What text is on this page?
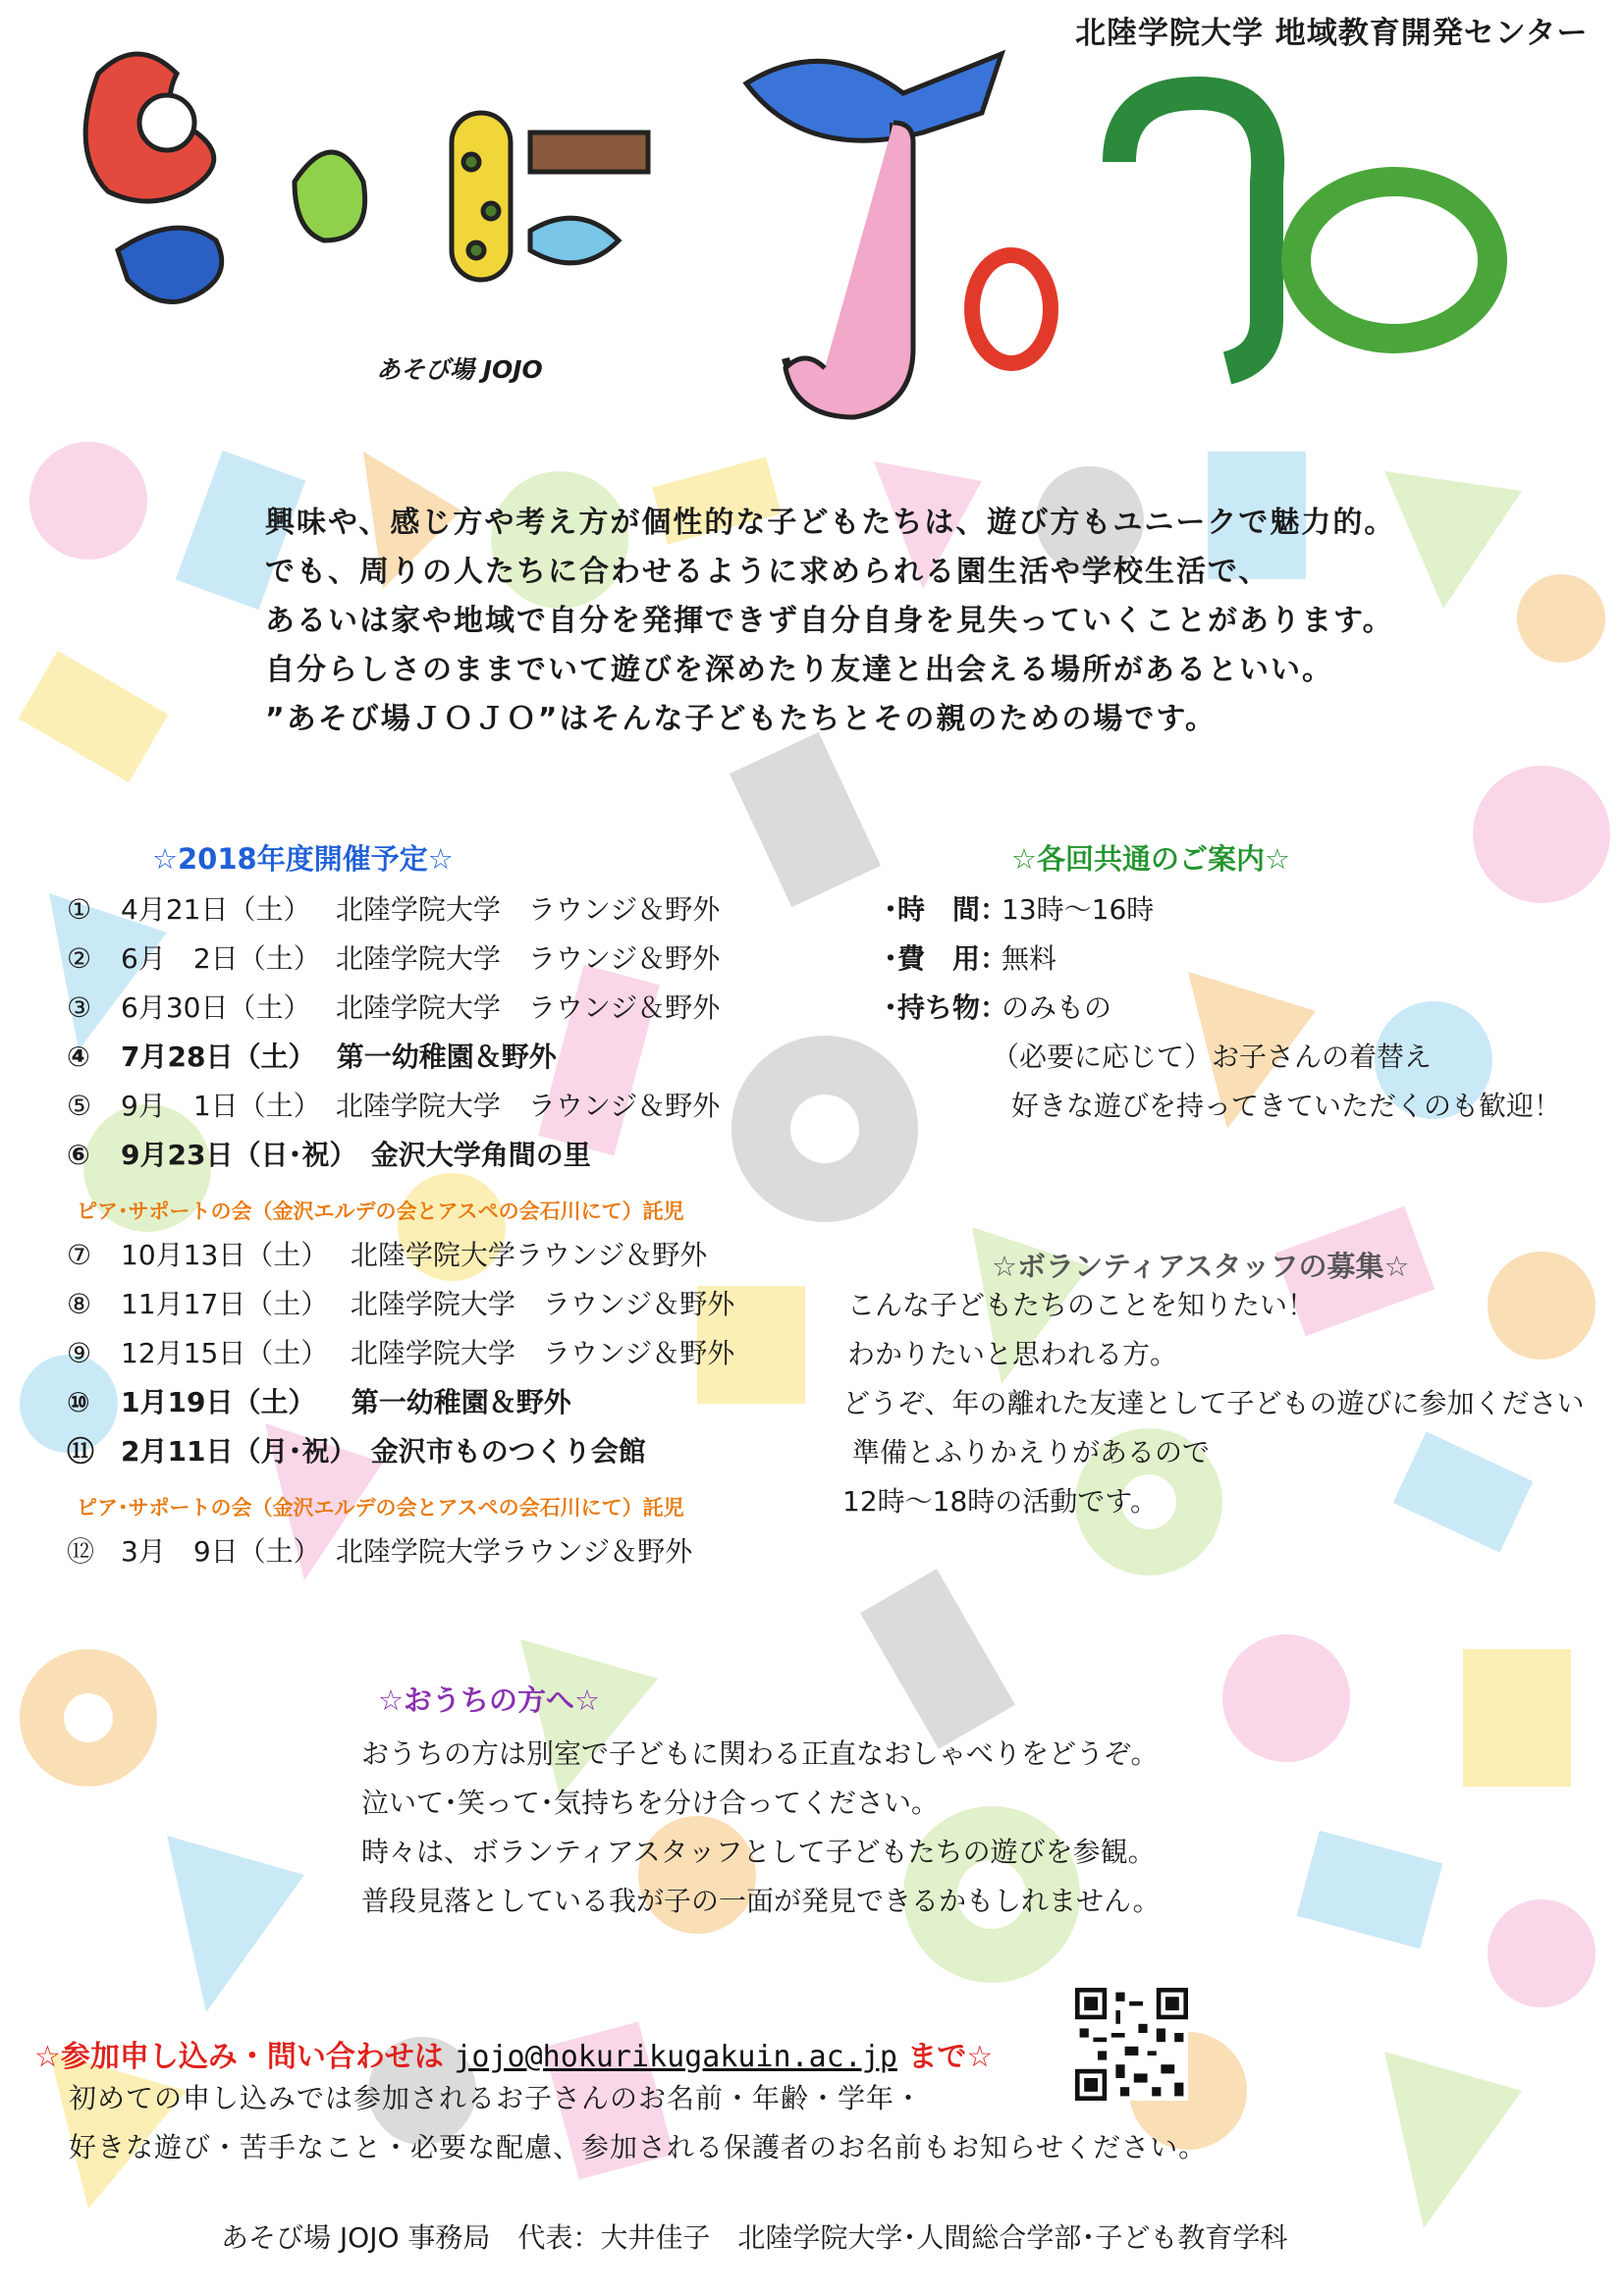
北陸学院大学 地域教育開発センター
あそび場 JOJO

興味や、感じ方や考え方が個性的な子どもたちは、遊び方もユニークで魅力的。

でも、周りの人たちに合わせるように求められる園生活や学校生活で、

あるいは家や地域で自分を発揮できず自分自身を見失っていくことがあります。

自分らしさのままでいて遊びを深めたり友達と出会える場所があるといい。

”あそび場ＪＯＪＯ”はそんな子どもたちとその親のための場です。

☆2018年度開催予定☆
① 4月21日（土） 北陸学院大学　ラウンジ＆野外
② 6月　2日（土） 北陸学院大学　ラウンジ＆野外
③ 6月30日（土） 北陸学院大学　ラウンジ＆野外
④ 7月28日（土） 第一幼稚園＆野外
⑤ 9月　1日（土） 北陸学院大学　ラウンジ＆野外
⑥ 9月23日（日･祝） 金沢大学角間の里
ピア･サポートの会（金沢エルデの会とアスペの会石川にて）託児
⑦ 10月13日（土） 北陸学院大学ラウンジ＆野外
⑧ 11月17日（土） 北陸学院大学　ラウンジ＆野外
⑨ 12月15日（土） 北陸学院大学　ラウンジ＆野外
⑩ 1月19日（土） 第一幼稚園＆野外
⑪ 2月11日（月･祝） 金沢市ものつくり会館
ピア･サポートの会（金沢エルデの会とアスペの会石川にて）託児
⑫ 3月　9日（土） 北陸学院大学ラウンジ＆野外
☆各回共通のご案内☆
･時　間：13時～16時
･費　用：無料
･持ち物：のみもの
（必要に応じて）お子さんの着替え
好きな遊びを持ってきていただくのも歓迎！
☆ボランティアスタッフの募集☆

こんな子どもたちのことを知りたい！

わかりたいと思われる方。

どうぞ、年の離れた友達として子どもの遊びに参加ください

準備とふりかえりがあるので

12時～18時の活動です。

☆おうちの方へ☆

おうちの方は別室で子どもに関わる正直なおしゃべりをどうぞ。

泣いて･笑って･気持ちを分け合ってください。

時々は、ボランティアスタッフとして子どもたちの遊びを参観。

普段見落としている我が子の一面が発見できるかもしれません。

☆参加申し込み・問い合わせは jojo@hokurikugakuin.ac.jp まで☆

初めての申し込みでは参加されるお子さんのお名前・年齢・学年・

好きな遊び・苦手なこと・必要な配慮、参加される保護者のお名前もお知らせください。

あそび場 JOJO 事務局　代表：大井佳子　北陸学院大学･人間総合学部･子ども教育学科
